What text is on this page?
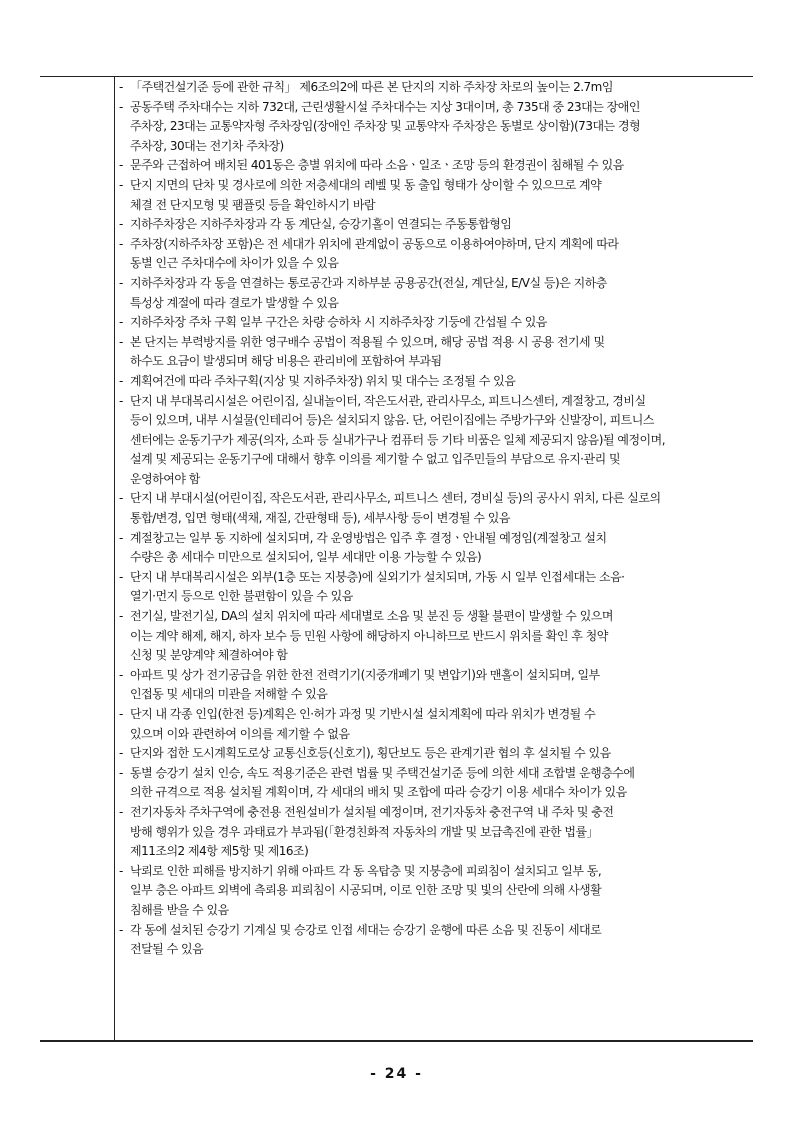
- 「주택건설기준 등에 관한 규칙」 제6조의2에 따른 본 단지의 지하 주차장 차로의 높이는 2.7m임
- 공동주택 주차대수는 지하 732대, 근린생활시설 주차대수는 지상 3대이며, 총 735대 중 23대는 장애인
주차장, 23대는 교통약자형 주차장임(장애인 주차장 및 교통약자 주차장은 동별로 상이함)(73대는 경형
주차장, 30대는 전기차 주차장)
- 문주와 근접하여 배치된 401동은 층별 위치에 따라 소음ㆍ일조ㆍ조망 등의 환경권이 침해될 수 있음
- 단지 지면의 단차 및 경사로에 의한 저층세대의 레벨 및 동 출입 형태가 상이할 수 있으므로 계약
체결 전 단지모형 및 팸플릿 등을 확인하시기 바람
- 지하주차장은 지하주차장과 각 동 계단실, 승강기홀이 연결되는 주동통합형임
- 주차장(지하주차장 포함)은 전 세대가 위치에 관계없이 공동으로 이용하여야하며, 단지 계획에 따라
동별 인근 주차대수에 차이가 있을 수 있음
- 지하주차장과 각 동을 연결하는 통로공간과 지하부분 공용공간(전실, 계단실, E/V실 등)은 지하층
특성상 계절에 따라 결로가 발생할 수 있음
- 지하주차장 주차 구획 일부 구간은 차량 승하차 시 지하주차장 기둥에 간섭될 수 있음
- 본 단지는 부력방지를 위한 영구배수 공법이 적용될 수 있으며, 해당 공법 적용 시 공용 전기세 및
하수도 요금이 발생되며 해당 비용은 관리비에 포함하여 부과됨
- 계획여건에 따라 주차구획(지상 및 지하주차장) 위치 및 대수는 조정될 수 있음
- 단지 내 부대복리시설은 어린이집, 실내놀이터, 작은도서관, 관리사무소, 피트니스센터, 계절창고, 경비실
등이 있으며, 내부 시설물(인테리어 등)은 설치되지 않음. 단, 어린이집에는 주방가구와 신발장이, 피트니스
센터에는 운동기구가 제공(의자, 소파 등 실내가구나 컴퓨터 등 기타 비품은 일체 제공되지 않음)될 예정이며,
설계 및 제공되는 운동기구에 대해서 향후 이의를 제기할 수 없고 입주민들의 부담으로 유지·관리 및
운영하여야 함
- 단지 내 부대시설(어린이집, 작은도서관, 관리사무소, 피트니스 센터, 경비실 등)의 공사시 위치, 다른 실로의
통합/변경, 입면 형태(색채, 재질, 간판형태 등), 세부사항 등이 변경될 수 있음
- 계절창고는 일부 동 지하에 설치되며, 각 운영방법은 입주 후 결정ㆍ안내될 예정임(계절창고 설치
수량은 총 세대수 미만으로 설치되어, 일부 세대만 이용 가능할 수 있음)
- 단지 내 부대복리시설은 외부(1층 또는 지붕층)에 실외기가 설치되며, 가동 시 일부 인접세대는 소음·
열기·먼지 등으로 인한 불편함이 있을 수 있음
- 전기실, 발전기실, DA의 설치 위치에 따라 세대별로 소음 및 분진 등 생활 불편이 발생할 수 있으며
이는 계약 해제, 해지, 하자 보수 등 민원 사항에 해당하지 아니하므로 반드시 위치를 확인 후 청약
신청 및 분양계약 체결하여야 함
- 아파트 및 상가 전기공급을 위한 한전 전력기기(지중개폐기 및 변압기)와 맨홀이 설치되며, 일부
인접동 및 세대의 미관을 저해할 수 있음
- 단지 내 각종 인입(한전 등)계획은 인·허가 과정 및 기반시설 설치계획에 따라 위치가 변경될 수
있으며 이와 관련하여 이의를 제기할 수 없음
- 단지와 접한 도시계획도로상 교통신호등(신호기), 횡단보도 등은 관계기관 협의 후 설치될 수 있음
- 동별 승강기 설치 인승, 속도 적용기준은 관련 법률 및 주택건설기준 등에 의한 세대 조합별 운행층수에
의한 규격으로 적용 설치될 계획이며, 각 세대의 배치 및 조합에 따라 승강기 이용 세대수 차이가 있음
- 전기자동차 주차구역에 충전용 전원설비가 설치될 예정이며, 전기자동차 충전구역 내 주차 및 충전
방해 행위가 있을 경우 과태료가 부과됨(「환경친화적 자동차의 개발 및 보급촉진에 관한 법률」
제11조의2 제4항 제5항 및 제16조)
- 낙뢰로 인한 피해를 방지하기 위해 아파트 각 동 옥탑층 및 지붕층에 피뢰침이 설치되고 일부 동,
일부 층은 아파트 외벽에 측뢰용 피뢰침이 시공되며, 이로 인한 조망 및 빛의 산란에 의해 사생활
침해를 받을 수 있음
- 각 동에 설치된 승강기 기계실 및 승강로 인접 세대는 승강기 운행에 따른 소음 및 진동이 세대로
전달될 수 있음
- 24 -
